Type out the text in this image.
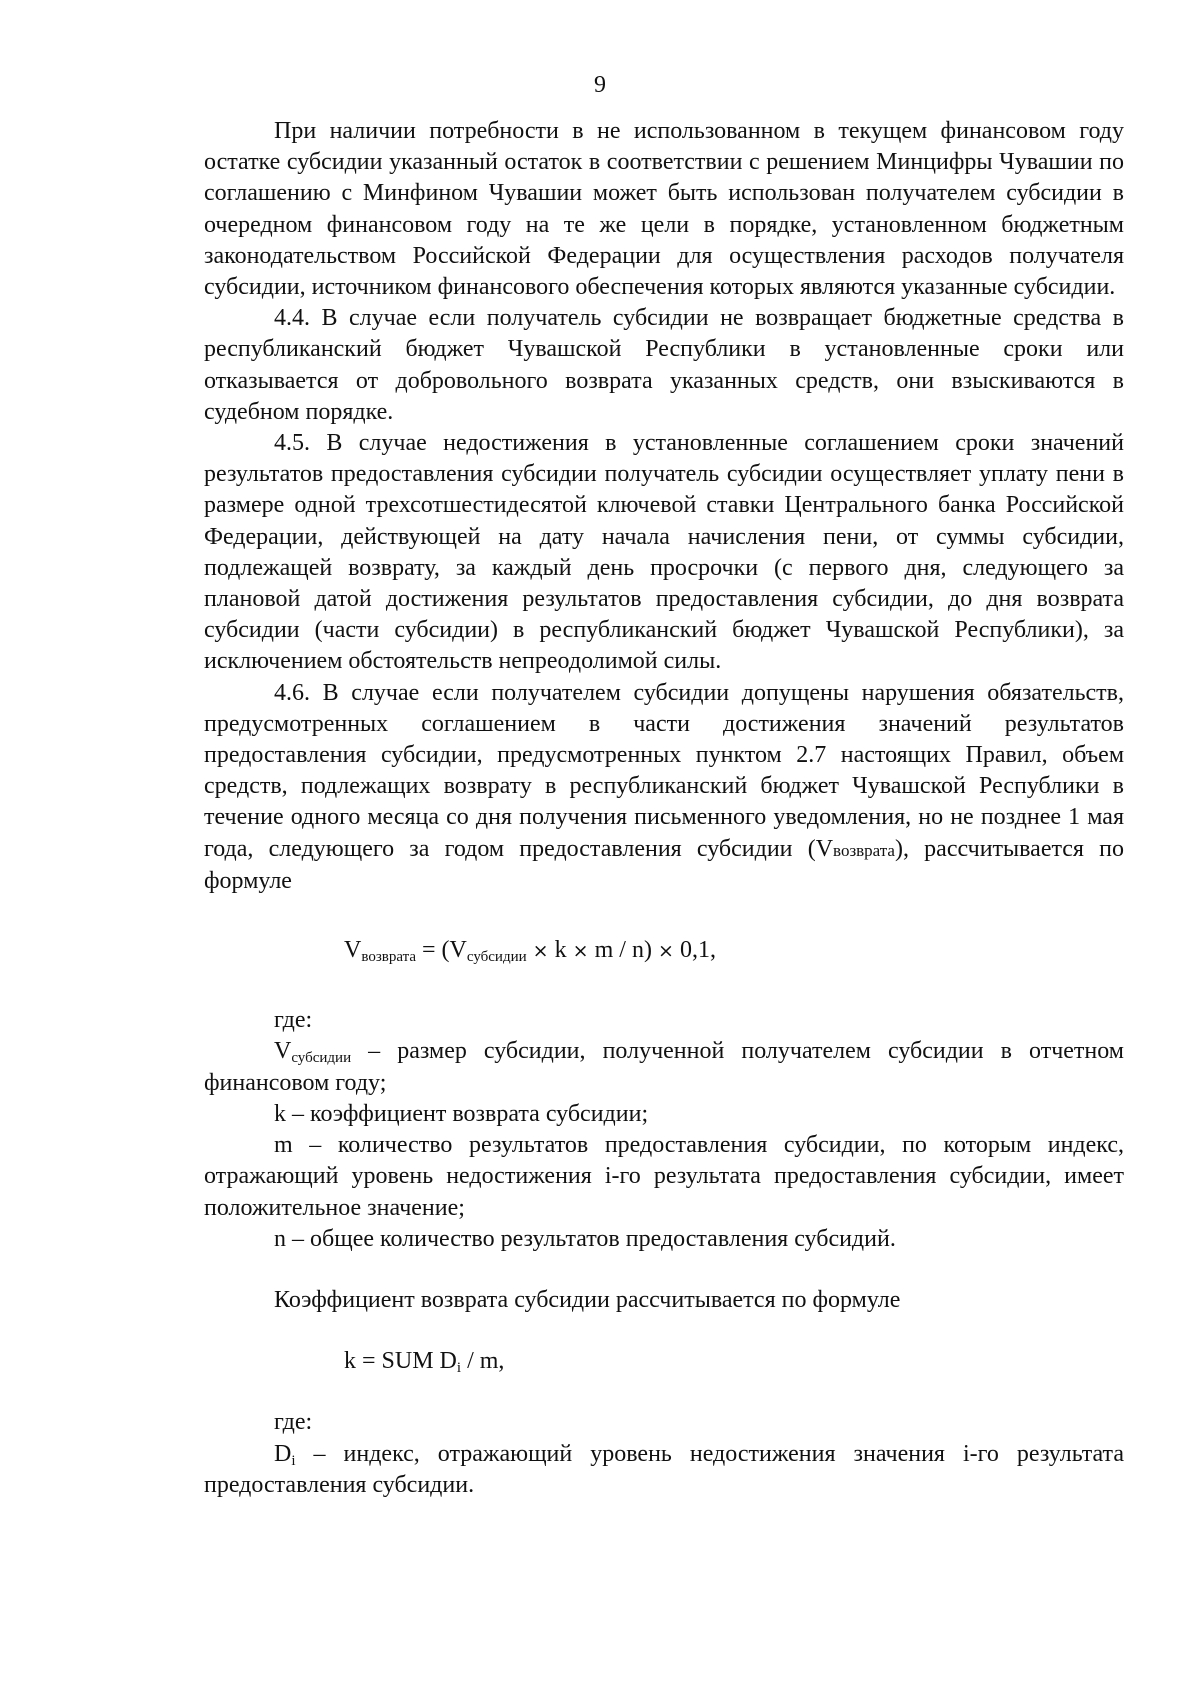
9

При наличии потребности в не использованном в текущем финансовом году остатке субсидии указанный остаток в соответствии с решением Минцифры Чувашии по соглашению с Минфином Чувашии может быть использован получателем субсидии в очередном финансовом году на те же цели в порядке, установленном бюджетным законодательством Российской Федерации для осуществления расходов получателя субсидии, источником финансового обеспечения которых являются указанные субсидии.

4.4. В случае если получатель субсидии не возвращает бюджетные средства в республиканский бюджет Чувашской Республики в установленные сроки или отказывается от добровольного возврата указанных средств, они взыскиваются в судебном порядке.

4.5. В случае недостижения в установленные соглашением сроки значений результатов предоставления субсидии получатель субсидии осуществляет уплату пени в размере одной трехсотшестидесятой ключевой ставки Центрального банка Российской Федерации, действующей на дату начала начисления пени, от суммы субсидии, подлежащей возврату, за каждый день просрочки (с первого дня, следующего за плановой датой достижения результатов предоставления субсидии, до дня возврата субсидии (части субсидии) в республиканский бюджет Чувашской Республики), за исключением обстоятельств непреодолимой силы.

4.6. В случае если получателем субсидии допущены нарушения обязательств, предусмотренных соглашением в части достижения значений результатов предоставления субсидии, предусмотренных пунктом 2.7 настоящих Правил, объем средств, подлежащих возврату в республиканский бюджет Чувашской Республики в течение одного месяца со дня получения письменного уведомления, но не позднее 1 мая года, следующего за годом предоставления субсидии (Vвозврата), рассчитывается по формуле

$V_{возврата} = (V_{субсидии} \times k \times m / n) \times 0,1$,

где:

$V_{субсидии}$ – размер субсидии, полученной получателем субсидии в отчетном финансовом году;

k – коэффициент возврата субсидии;

m – количество результатов предоставления субсидии, по которым индекс, отражающий уровень недостижения i-го результата предоставления субсидии, имеет положительное значение;

n – общее количество результатов предоставления субсидий.

Коэффициент возврата субсидии рассчитывается по формуле

k = SUM $D_i$ / m,

где:

$D_i$ – индекс, отражающий уровень недостижения значения i-го результата предоставления субсидии.
